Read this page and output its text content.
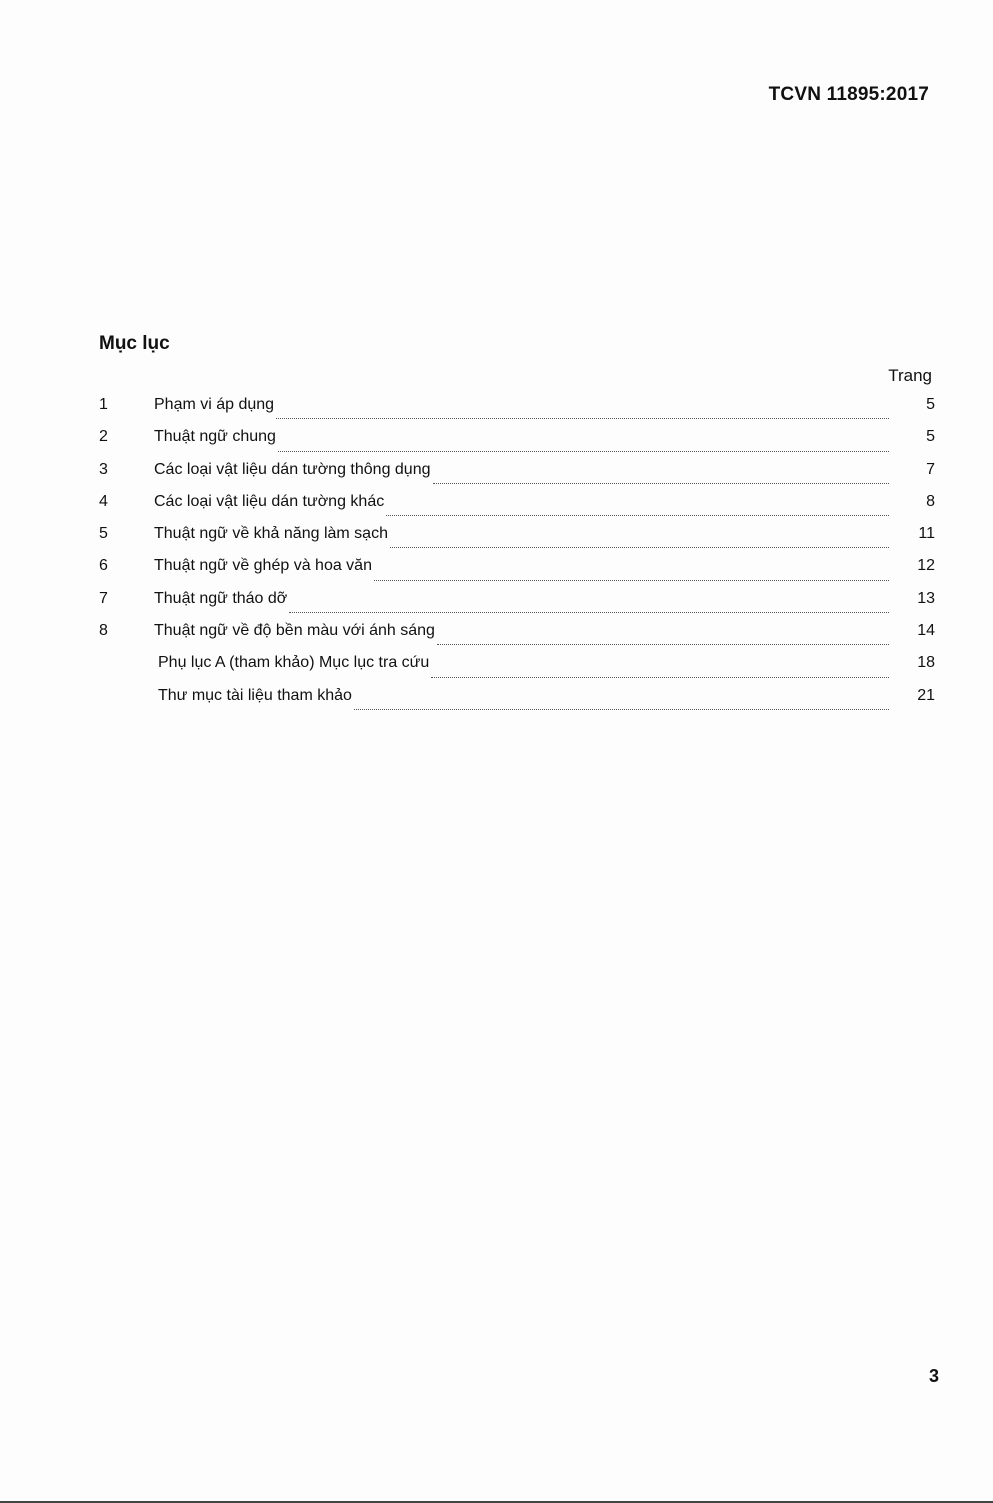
TCVN 11895:2017
Mục lục
Trang
1	Phạm vi áp dụng	5
2	Thuật ngữ chung	5
3	Các loại vật liệu dán tường thông dụng	7
4	Các loại vật liệu dán tường khác	8
5	Thuật ngữ về khả năng làm sạch	11
6	Thuật ngữ về ghép và hoa văn	12
7	Thuật ngữ tháo dỡ	13
8	Thuật ngữ về độ bền màu với ánh sáng	14
Phụ lục A (tham khảo) Mục lục tra cứu	18
Thư mục tài liệu tham khảo	21
3
